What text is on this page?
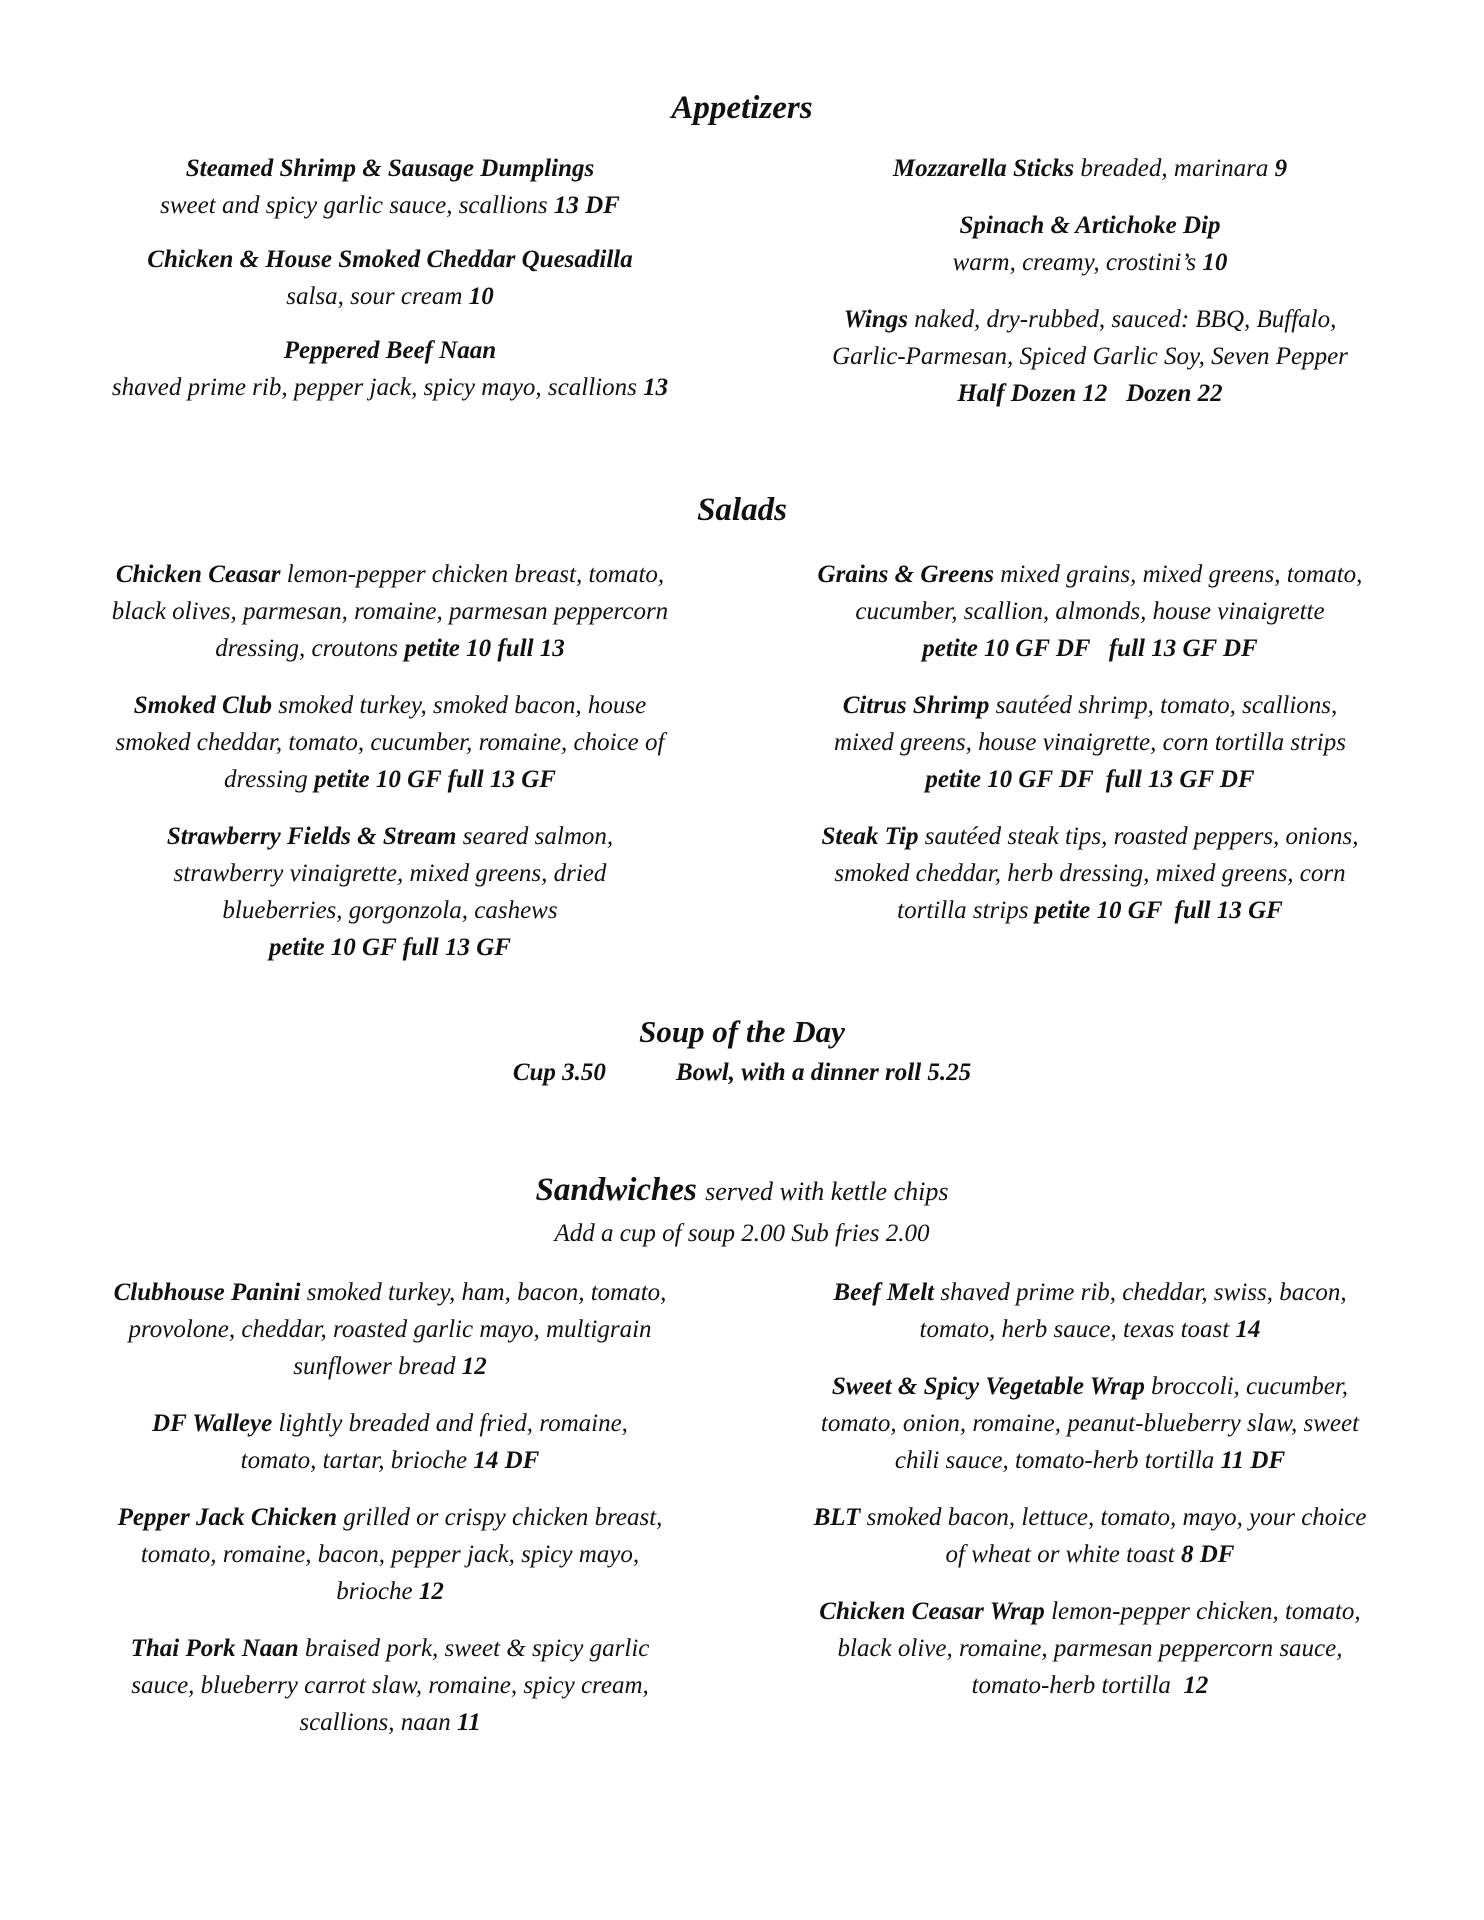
Appetizers
Steamed Shrimp & Sausage Dumplings
sweet and spicy garlic sauce, scallions 13 DF
Chicken & House Smoked Cheddar Quesadilla
salsa, sour cream 10
Peppered Beef Naan
shaved prime rib, pepper jack, spicy mayo, scallions 13
Mozzarella Sticks breaded, marinara 9
Spinach & Artichoke Dip
warm, creamy, crostini’s 10
Wings naked, dry-rubbed, sauced: BBQ, Buffalo,
Garlic-Parmesan, Spiced Garlic Soy, Seven Pepper
Half Dozen 12 Dozen 22
Salads
Chicken Ceasar lemon-pepper chicken breast, tomato,
black olives, parmesan, romaine, parmesan peppercorn
dressing, croutons petite 10 full 13
Smoked Club smoked turkey, smoked bacon, house
smoked cheddar, tomato, cucumber, romaine, choice of
dressing petite 10 GF full 13 GF
Strawberry Fields & Stream seared salmon,
strawberry vinaigrette, mixed greens, dried
blueberries, gorgonzola, cashews
petite 10 GF full 13 GF
Grains & Greens mixed grains, mixed greens, tomato,
cucumber, scallion, almonds, house vinaigrette
petite 10 GF DF   full 13 GF DF
Citrus Shrimp sautéed shrimp, tomato, scallions,
mixed greens, house vinaigrette, corn tortilla strips
petite 10 GF DF  full 13 GF DF
Steak Tip sautéed steak tips, roasted peppers, onions,
smoked cheddar, herb dressing, mixed greens, corn
tortilla strips petite 10 GF  full 13 GF
Soup of the Day
Cup 3.50	Bowl, with a dinner roll 5.25
Sandwiches served with kettle chips
Add a cup of soup 2.00 Sub fries 2.00
Clubhouse Panini smoked turkey, ham, bacon, tomato,
provolone, cheddar, roasted garlic mayo, multigrain
sunflower bread 12
DF Walleye lightly breaded and fried, romaine,
tomato, tartar, brioche 14 DF
Pepper Jack Chicken grilled or crispy chicken breast,
tomato, romaine, bacon, pepper jack, spicy mayo,
brioche 12
Thai Pork Naan braised pork, sweet & spicy garlic
sauce, blueberry carrot slaw, romaine, spicy cream,
scallions, naan 11
Beef Melt shaved prime rib, cheddar, swiss, bacon,
tomato, herb sauce, texas toast 14
Sweet & Spicy Vegetable Wrap broccoli, cucumber,
tomato, onion, romaine, peanut-blueberry slaw, sweet
chili sauce, tomato-herb tortilla 11 DF
BLT smoked bacon, lettuce, tomato, mayo, your choice
of wheat or white toast 8 DF
Chicken Ceasar Wrap lemon-pepper chicken, tomato,
black olive, romaine, parmesan peppercorn sauce,
tomato-herb tortilla 12
